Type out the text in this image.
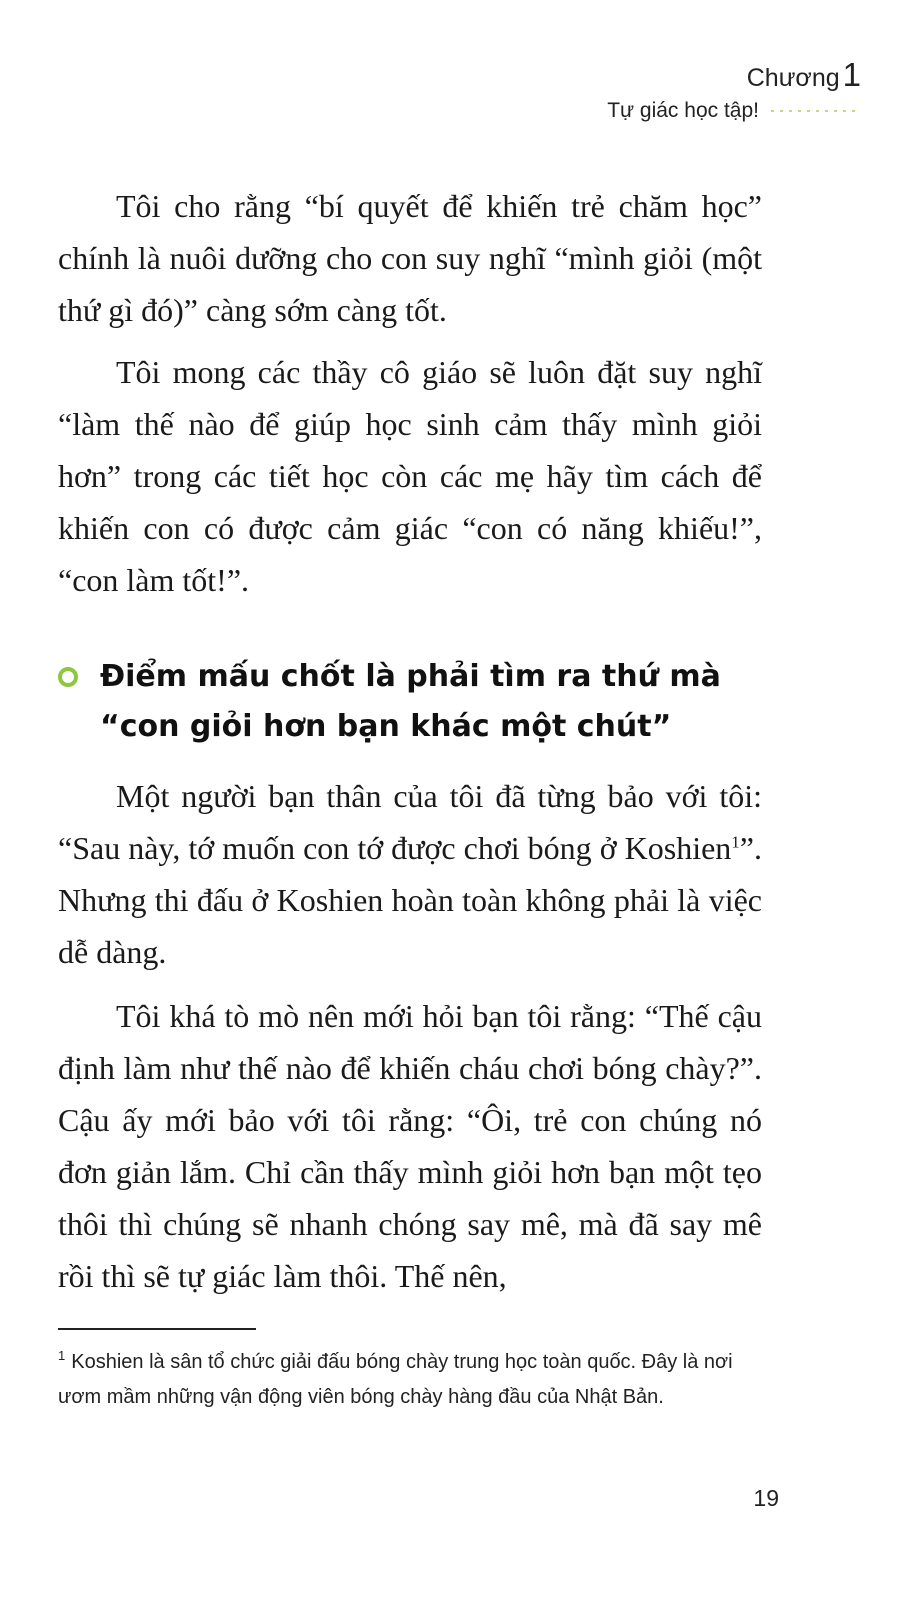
Chương1
Tự giác học tập!

Tôi cho rằng “bí quyết để khiến trẻ chăm học” chính là nuôi dưỡng cho con suy nghĩ “mình giỏi (một thứ gì đó)” càng sớm càng tốt.

Tôi mong các thầy cô giáo sẽ luôn đặt suy nghĩ “làm thế nào để giúp học sinh cảm thấy mình giỏi hơn” trong các tiết học còn các mẹ hãy tìm cách để khiến con có được cảm giác “con có năng khiếu!”, “con làm tốt!”.

Điểm mấu chốt là phải tìm ra thứ mà “con giỏi hơn bạn khác một chút”

Một người bạn thân của tôi đã từng bảo với tôi: “Sau này, tớ muốn con tớ được chơi bóng ở Koshien$^1$”. Nhưng thi đấu ở Koshien hoàn toàn không phải là việc dễ dàng.

Tôi khá tò mò nên mới hỏi bạn tôi rằng: “Thế cậu định làm như thế nào để khiến cháu chơi bóng chày?”. Cậu ấy mới bảo với tôi rằng: “Ôi, trẻ con chúng nó đơn giản lắm. Chỉ cần thấy mình giỏi hơn bạn một tẹo thôi thì chúng sẽ nhanh chóng say mê, mà đã say mê rồi thì sẽ tự giác làm thôi. Thế nên,

$^1$ Koshien là sân tổ chức giải đấu bóng chày trung học toàn quốc. Đây là nơi ươm mầm những vận động viên bóng chày hàng đầu của Nhật Bản.
19
